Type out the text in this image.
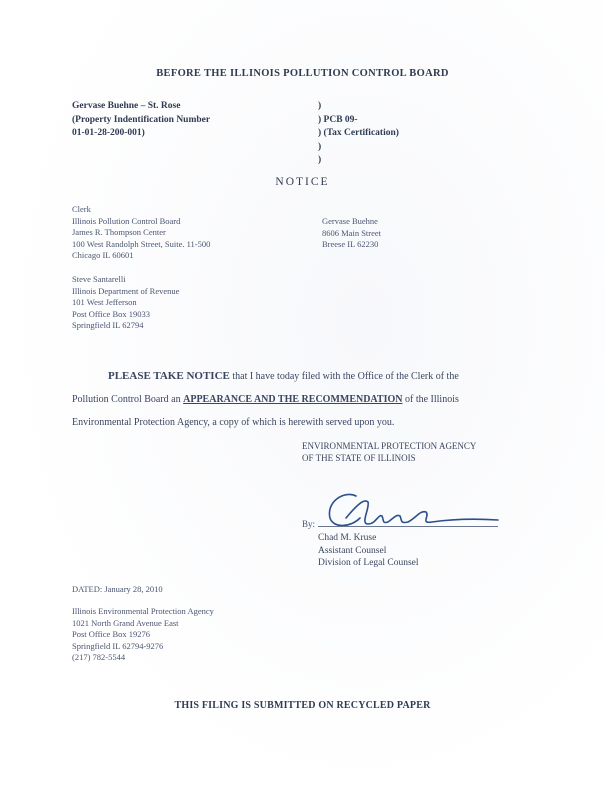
BEFORE THE ILLINOIS POLLUTION CONTROL BOARD
Gervase Buehne – St. Rose
(Property Indentification Number
01-01-28-200-001)
)
) PCB 09-
) (Tax Certification)
)
)
NOTICE
Clerk
Illinois Pollution Control Board
James R. Thompson Center
100 West Randolph Street, Suite. 11-500
Chicago IL 60601
Gervase Buehne
8606 Main Street
Breese IL 62230
Steve Santarelli
Illinois Department of Revenue
101 West Jefferson
Post Office Box 19033
Springfield IL 62794
PLEASE TAKE NOTICE that I have today filed with the Office of the Clerk of the
Pollution Control Board an APPEARANCE AND THE RECOMMENDATION of the Illinois
Environmental Protection Agency, a copy of which is herewith served upon you.
ENVIRONMENTAL PROTECTION AGENCY
OF THE STATE OF ILLINOIS
By:
Chad M. Kruse
Assistant Counsel
Division of Legal Counsel
DATED: January 28, 2010
Illinois Environmental Protection Agency
1021 North Grand Avenue East
Post Office Box 19276
Springfield IL 62794-9276
(217) 782-5544
THIS FILING IS SUBMITTED ON RECYCLED PAPER
